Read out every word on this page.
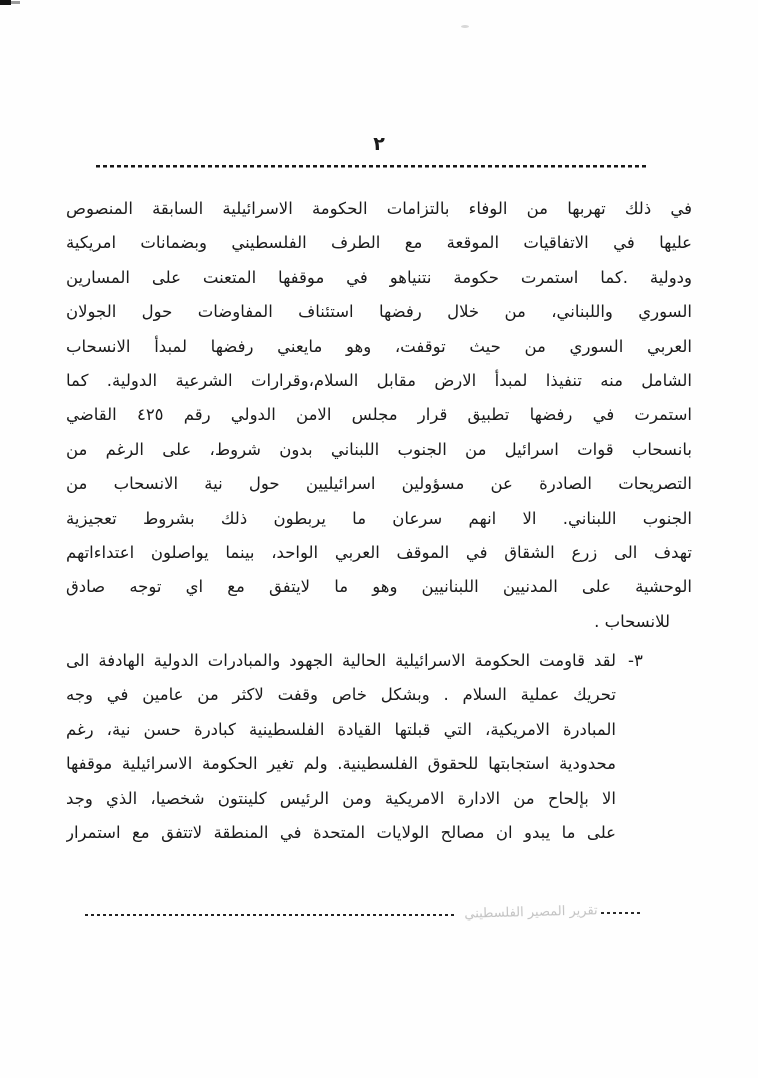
٢
في ذلك تهربها من الوفاء بالتزامات الحكومة الاسرائيلية السابقة المنصوص
عليها في الاتفاقيات الموقعة مع الطرف الفلسطيني وبضمانات امريكية
ودولية .كما استمرت حكومة نتنياهو في موقفها المتعنت على المسارين
السوري واللبناني، من خلال رفضها استئناف المفاوضات حول الجولان
العربي السوري من حيث توقفت، وهو مايعني رفضها لمبدأ الانسحاب
الشامل منه تنفيذا لمبدأ الارض مقابل السلام،وقرارات الشرعية الدولية. كما
استمرت في رفضها تطبيق قرار مجلس الامن الدولي رقم ٤٢٥ القاضي
بانسحاب قوات اسرائيل من الجنوب اللبناني بدون شروط، على الرغم من
التصريحات الصادرة عن مسؤولين اسرائيليين حول نية الانسحاب من
الجنوب اللبناني. الا انهم سرعان ما يربطون ذلك بشروط تعجيزية
تهدف الى زرع الشقاق في الموقف العربي الواحد، بينما يواصلون اعتداءاتهم
الوحشية على المدنيين اللبنانيين وهو ما لايتفق مع اي توجه صادق
للانسحاب .
٣-
لقد قاومت الحكومة الاسرائيلية الحالية الجهود والمبادرات الدولية الهادفة الى
تحريك عملية السلام . وبشكل خاص وقفت لاكثر من عامين في وجه
المبادرة الامريكية، التي قبلتها القيادة الفلسطينية كبادرة حسن نية، رغم
محدودية استجابتها للحقوق الفلسطينية. ولم تغير الحكومة الاسرائيلية موقفها
الا بإلحاح من الادارة الامريكية ومن الرئيس كلينتون شخصيا، الذي وجد
على ما يبدو ان مصالح الولايات المتحدة في المنطقة لاتتفق مع استمرار
تقرير المصير الفلسطيني
